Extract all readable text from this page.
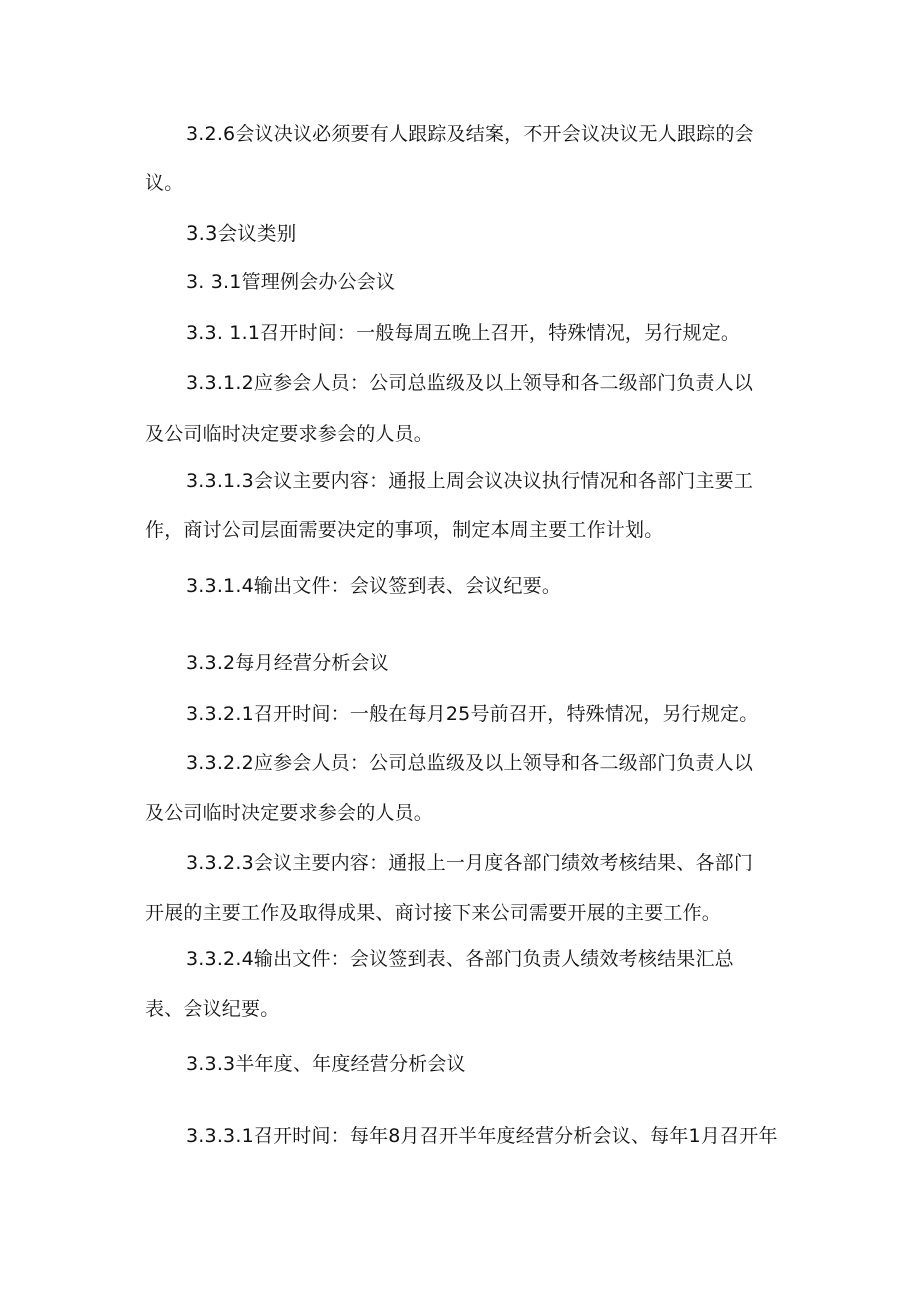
3.2.6会议决议必须要有人跟踪及结案，不开会议决议无人跟踪的会
议。
3.3会议类别
3. 3.1管理例会办公会议
3.3. 1.1召开时间：一般每周五晚上召开，特殊情况，另行规定。
3.3.1.2应参会人员：公司总监级及以上领导和各二级部门负责人以
及公司临时决定要求参会的人员。
3.3.1.3会议主要内容：通报上周会议决议执行情况和各部门主要工
作，商讨公司层面需要决定的事项，制定本周主要工作计划。
3.3.1.4输出文件：会议签到表、会议纪要。
3.3.2每月经营分析会议
3.3.2.1召开时间：一般在每月25号前召开，特殊情况，另行规定。
3.3.2.2应参会人员：公司总监级及以上领导和各二级部门负责人以
及公司临时决定要求参会的人员。
3.3.2.3会议主要内容：通报上一月度各部门绩效考核结果、各部门
开展的主要工作及取得成果、商讨接下来公司需要开展的主要工作。
3.3.2.4输出文件：会议签到表、各部门负责人绩效考核结果汇总
表、会议纪要。
3.3.3半年度、年度经营分析会议
3.3.3.1召开时间：每年8月召开半年度经营分析会议、每年1月召开年
